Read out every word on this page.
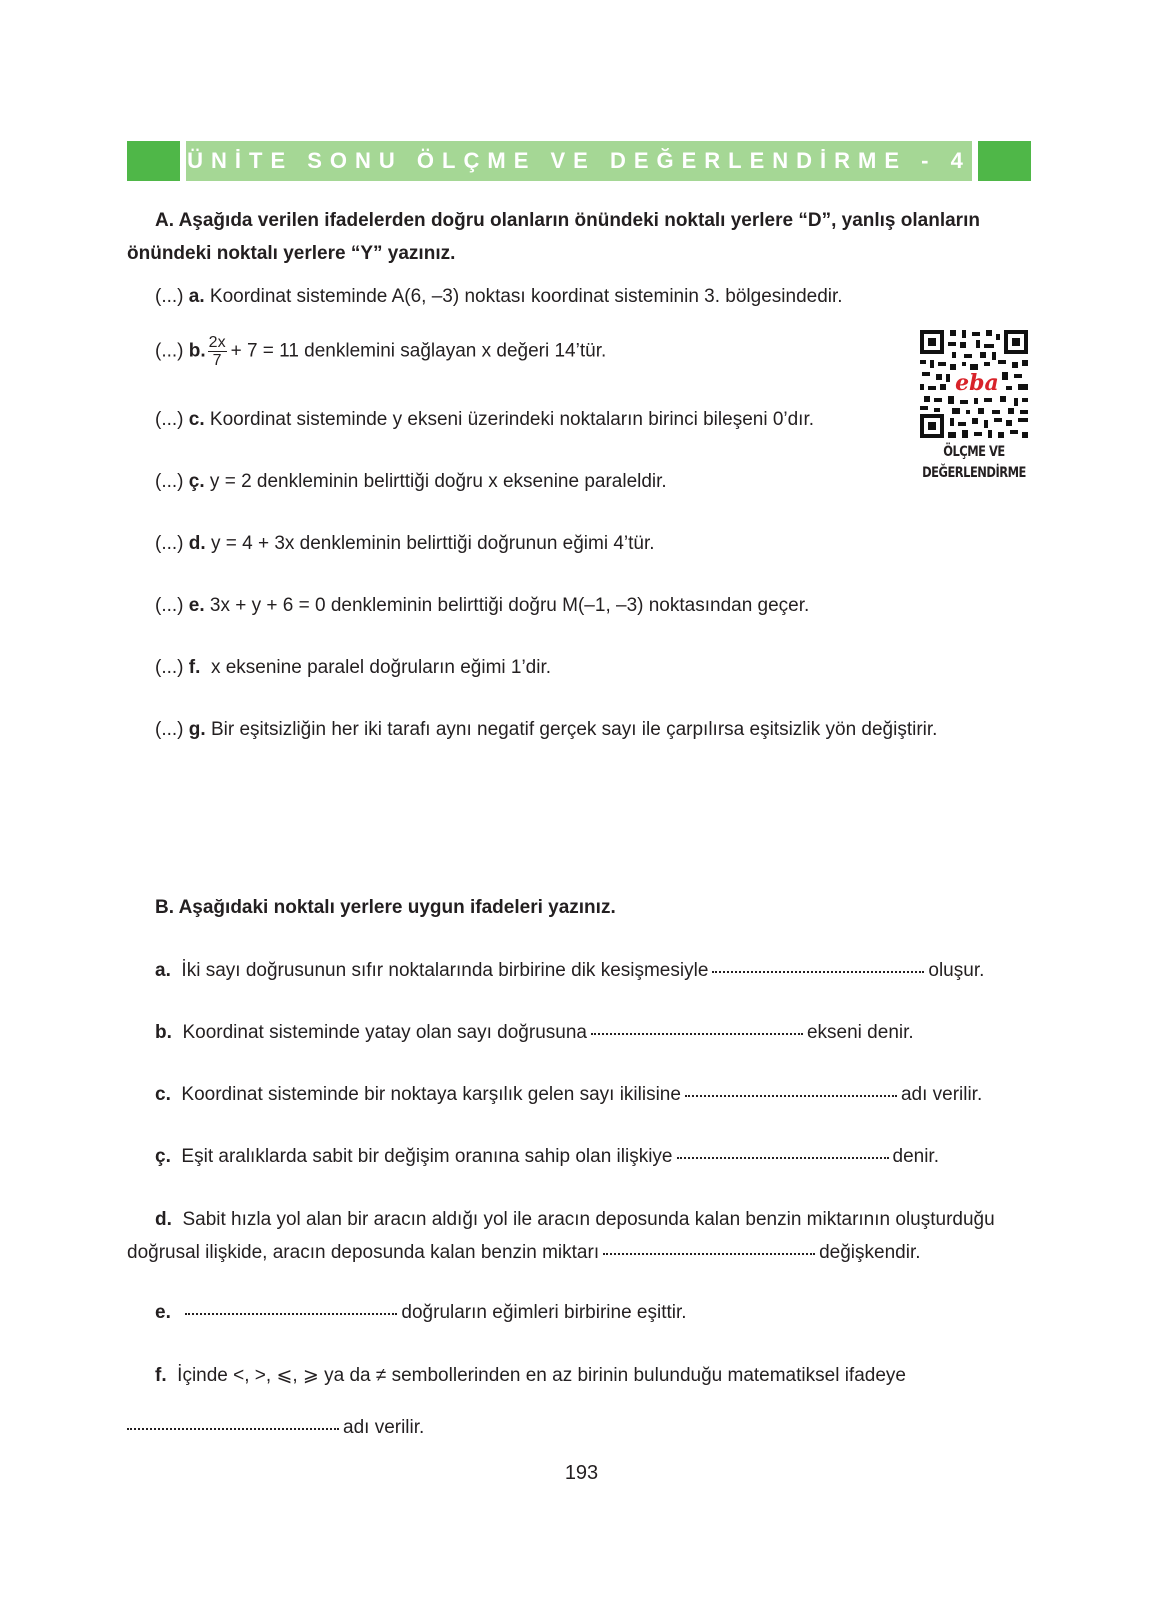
ÜNİTE SONU ÖLÇME VE DEĞERLENDİRME - 4

A. Aşağıda verilen ifadelerden doğru olanların önündeki noktalı yerlere “D”, yanlış olanların önündeki noktalı yerlere “Y” yazınız.

(...) a. Koordinat sisteminde A(6, –3) noktası koordinat sisteminin 3. bölgesindedir.
(...) b. $\frac{2x}{7} + 7 = 11$ denklemini sağlayan x değeri 14’tür.
(...) c. Koordinat sisteminde y ekseni üzerindeki noktaların birinci bileşeni 0’dır.
(...) ç. y = 2 denkleminin belirttiği doğru x eksenine paraleldir.
(...) d. y = 4 + 3x denkleminin belirttiği doğrunun eğimi 4’tür.
(...) e. 3x + y + 6 = 0 denkleminin belirttiği doğru M(–1, –3) noktasından geçer.
(...) f. x eksenine paralel doğruların eğimi 1’dir.
(...) g. Bir eşitsizliğin her iki tarafı aynı negatif gerçek sayı ile çarpılırsa eşitsizlik yön değiştirir.
eba
ÖLÇME VE
DEĞERLENDİRME
B. Aşağıdaki noktalı yerlere uygun ifadeleri yazınız.
a. İki sayı doğrusunun sıfır noktalarında birbirine dik kesişmesiyle	oluşur.
b. Koordinat sisteminde yatay olan sayı doğrusuna	ekseni denir.
c. Koordinat sisteminde bir noktaya karşılık gelen sayı ikilisine	adı verilir.
ç. Eşit aralıklarda sabit bir değişim oranına sahip olan ilişkiye	denir.

d. Sabit hızla yol alan bir aracın aldığı yol ile aracın deposunda kalan benzin miktarının oluşturduğu doğrusal ilişkide, aracın deposunda kalan benzin miktarı	değişkendir.

e.	doğruların eğimleri birbirine eşittir.
f. İçinde <, >, ⩽, ⩾ ya da ≠ sembollerinden en az birinin bulunduğu matematiksel ifadeye
adı verilir.
193
